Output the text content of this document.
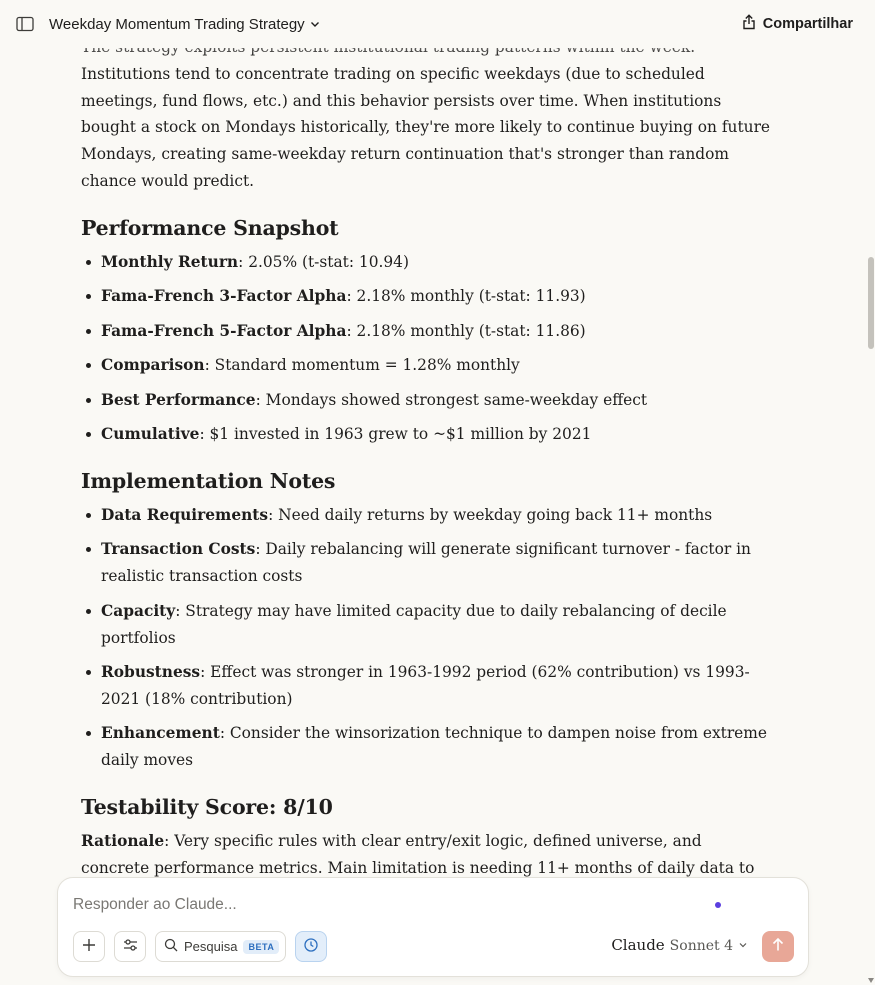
Weekday Momentum Trading Strategy	Compartilhar

Institutions tend to concentrate trading on specific weekdays (due to scheduled meetings, fund flows, etc.) and this behavior persists over time. When institutions bought a stock on Mondays historically, they're more likely to continue buying on future Mondays, creating same-weekday return continuation that's stronger than random chance would predict.

Performance Snapshot
Monthly Return: 2.05% (t-stat: 10.94)
Fama-French 3-Factor Alpha: 2.18% monthly (t-stat: 11.93)
Fama-French 5-Factor Alpha: 2.18% monthly (t-stat: 11.86)
Comparison: Standard momentum = 1.28% monthly
Best Performance: Mondays showed strongest same-weekday effect
Cumulative: $1 invested in 1963 grew to ~$1 million by 2021
Implementation Notes
Data Requirements: Need daily returns by weekday going back 11+ months
Transaction Costs: Daily rebalancing will generate significant turnover - factor in realistic transaction costs
Capacity: Strategy may have limited capacity due to daily rebalancing of decile portfolios
Robustness: Effect was stronger in 1963-1992 period (62% contribution) vs 1993-2021 (18% contribution)
Enhancement: Consider the winsorization technique to dampen noise from extreme daily moves
Testability Score: 8/10

Rationale: Very specific rules with clear entry/exit logic, defined universe, and concrete performance metrics. Main limitation is needing 11+ months of daily data to

Responder ao Claude...
Pesquisa	BETA	Claude Sonnet 4
